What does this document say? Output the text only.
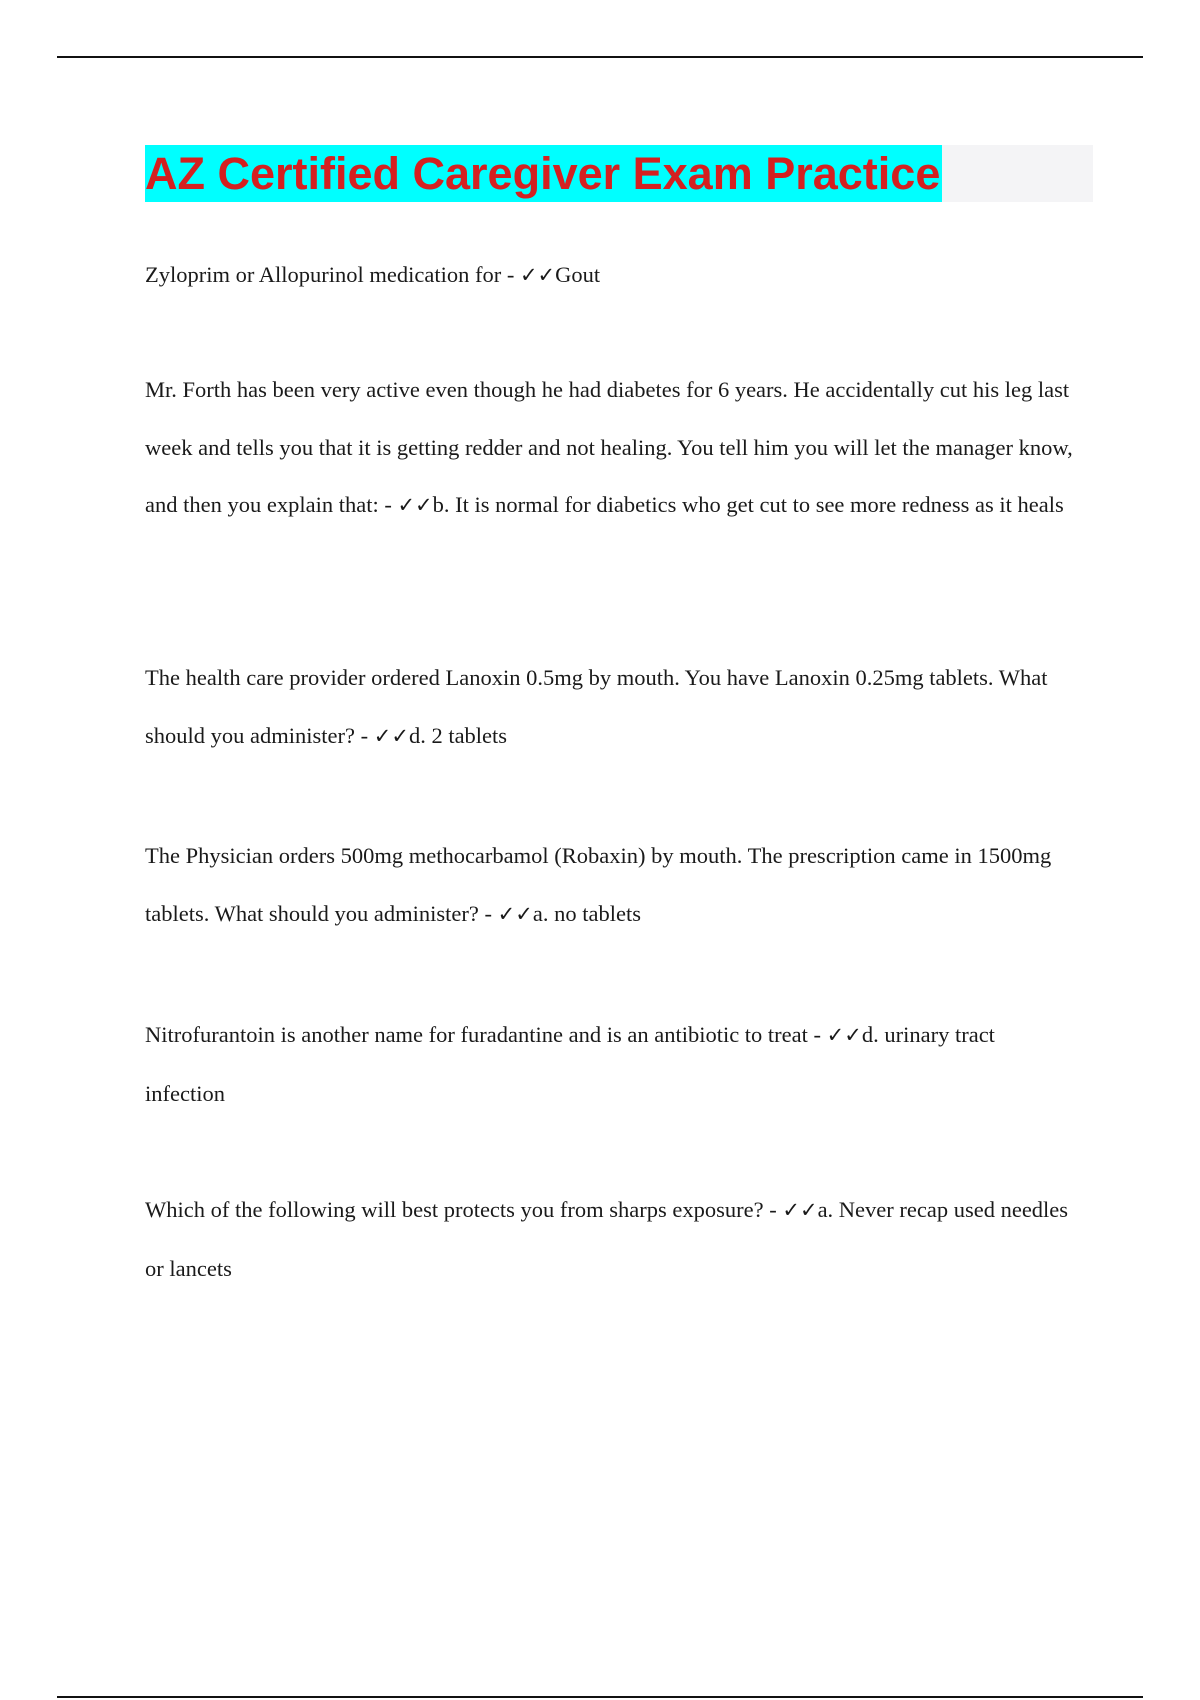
AZ Certified Caregiver Exam Practice

Zyloprim or Allopurinol medication for - ✓✓Gout

Mr. Forth has been very active even though he had diabetes for 6 years. He accidentally cut his leg last week and tells you that it is getting redder and not healing. You tell him you will let the manager know, and then you explain that: - ✓✓b. It is normal for diabetics who get cut to see more redness as it heals

The health care provider ordered Lanoxin 0.5mg by mouth. You have Lanoxin 0.25mg tablets. What should you administer? - ✓✓d. 2 tablets

The Physician orders 500mg methocarbamol (Robaxin) by mouth. The prescription came in 1500mg tablets. What should you administer? - ✓✓a. no tablets

Nitrofurantoin is another name for furadantine and is an antibiotic to treat - ✓✓d. urinary tract infection

Which of the following will best protects you from sharps exposure? - ✓✓a. Never recap used needles or lancets
